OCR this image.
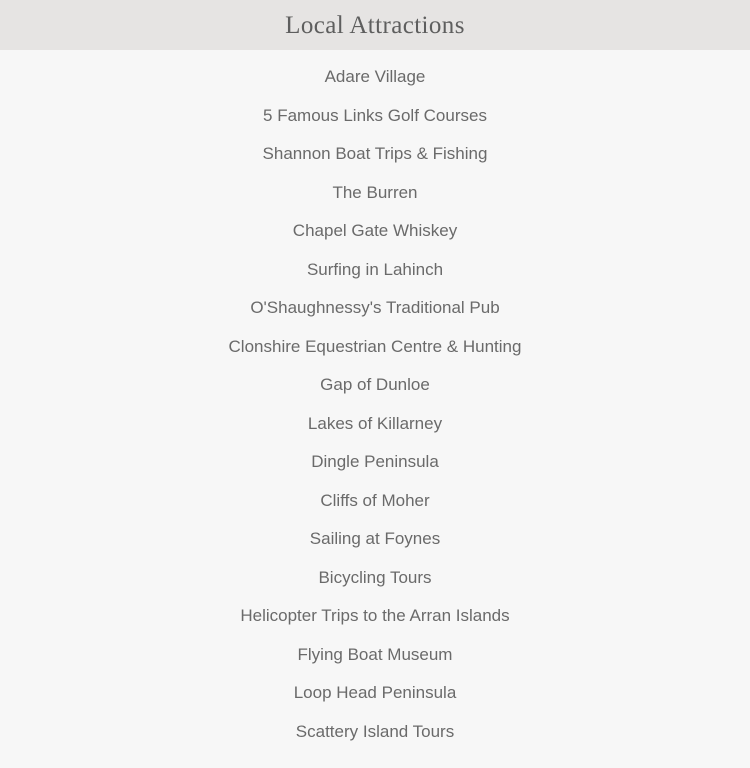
Local Attractions
Adare Village
5 Famous Links Golf Courses
Shannon Boat Trips & Fishing
The Burren
Chapel Gate Whiskey
Surfing in Lahinch
O'Shaughnessy's Traditional Pub
Clonshire Equestrian Centre & Hunting
Gap of Dunloe
Lakes of Killarney
Dingle Peninsula
Cliffs of Moher
Sailing at Foynes
Bicycling Tours
Helicopter Trips to the Arran Islands
Flying Boat Museum
Loop Head Peninsula
Scattery Island Tours
